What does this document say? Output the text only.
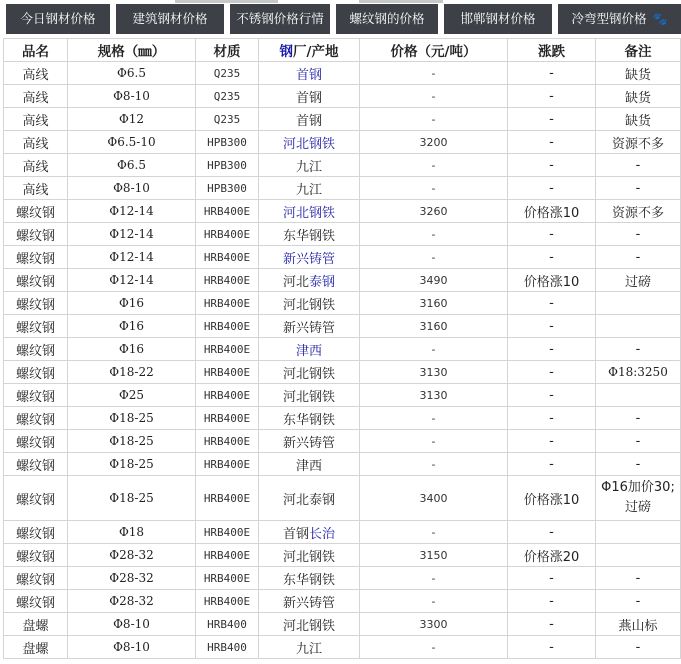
今日钢材价格	建筑钢材价格	不锈钢价格行情	螺纹钢的价格	邯郸钢材价格	冷弯型钢价格 🐾
品名	规格（㎜）	材质	钢厂/产地	价格（元/吨）	涨跌	备注
高线	Φ6.5	Q235	首钢	-	-	缺货
高线	Φ8-10	Q235	首钢	-	-	缺货
高线	Φ12	Q235	首钢	-	-	缺货
高线	Φ6.5-10	HPB300	河北钢铁	3200	-	资源不多
高线	Φ6.5	HPB300	九江	-	-	-
高线	Φ8-10	HPB300	九江	-	-	-
螺纹钢	Φ12-14	HRB400E	河北钢铁	3260	价格涨10	资源不多
螺纹钢	Φ12-14	HRB400E	东华钢铁	-	-	-
螺纹钢	Φ12-14	HRB400E	新兴铸管	-	-	-
螺纹钢	Φ12-14	HRB400E	河北泰钢	3490	价格涨10	过磅
螺纹钢	Φ16	HRB400E	河北钢铁	3160	-	
螺纹钢	Φ16	HRB400E	新兴铸管	3160	-	
螺纹钢	Φ16	HRB400E	津西	-	-	-
螺纹钢	Φ18-22	HRB400E	河北钢铁	3130	-	Φ18:3250
螺纹钢	Φ25	HRB400E	河北钢铁	3130	-	
螺纹钢	Φ18-25	HRB400E	东华钢铁	-	-	-
螺纹钢	Φ18-25	HRB400E	新兴铸管	-	-	-
螺纹钢	Φ18-25	HRB400E	津西	-	-	-
螺纹钢	Φ18-25	HRB400E	河北泰钢	3400	价格涨10	Φ16加价30;
过磅

螺纹钢	Φ18	HRB400E	首钢长治	-	-	
螺纹钢	Φ28-32	HRB400E	河北钢铁	3150	价格涨20	
螺纹钢	Φ28-32	HRB400E	东华钢铁	-	-	-
螺纹钢	Φ28-32	HRB400E	新兴铸管	-	-	-
盘螺	Φ8-10	HRB400	河北钢铁	3300	-	燕山标
盘螺	Φ8-10	HRB400	九江	-	-	-
